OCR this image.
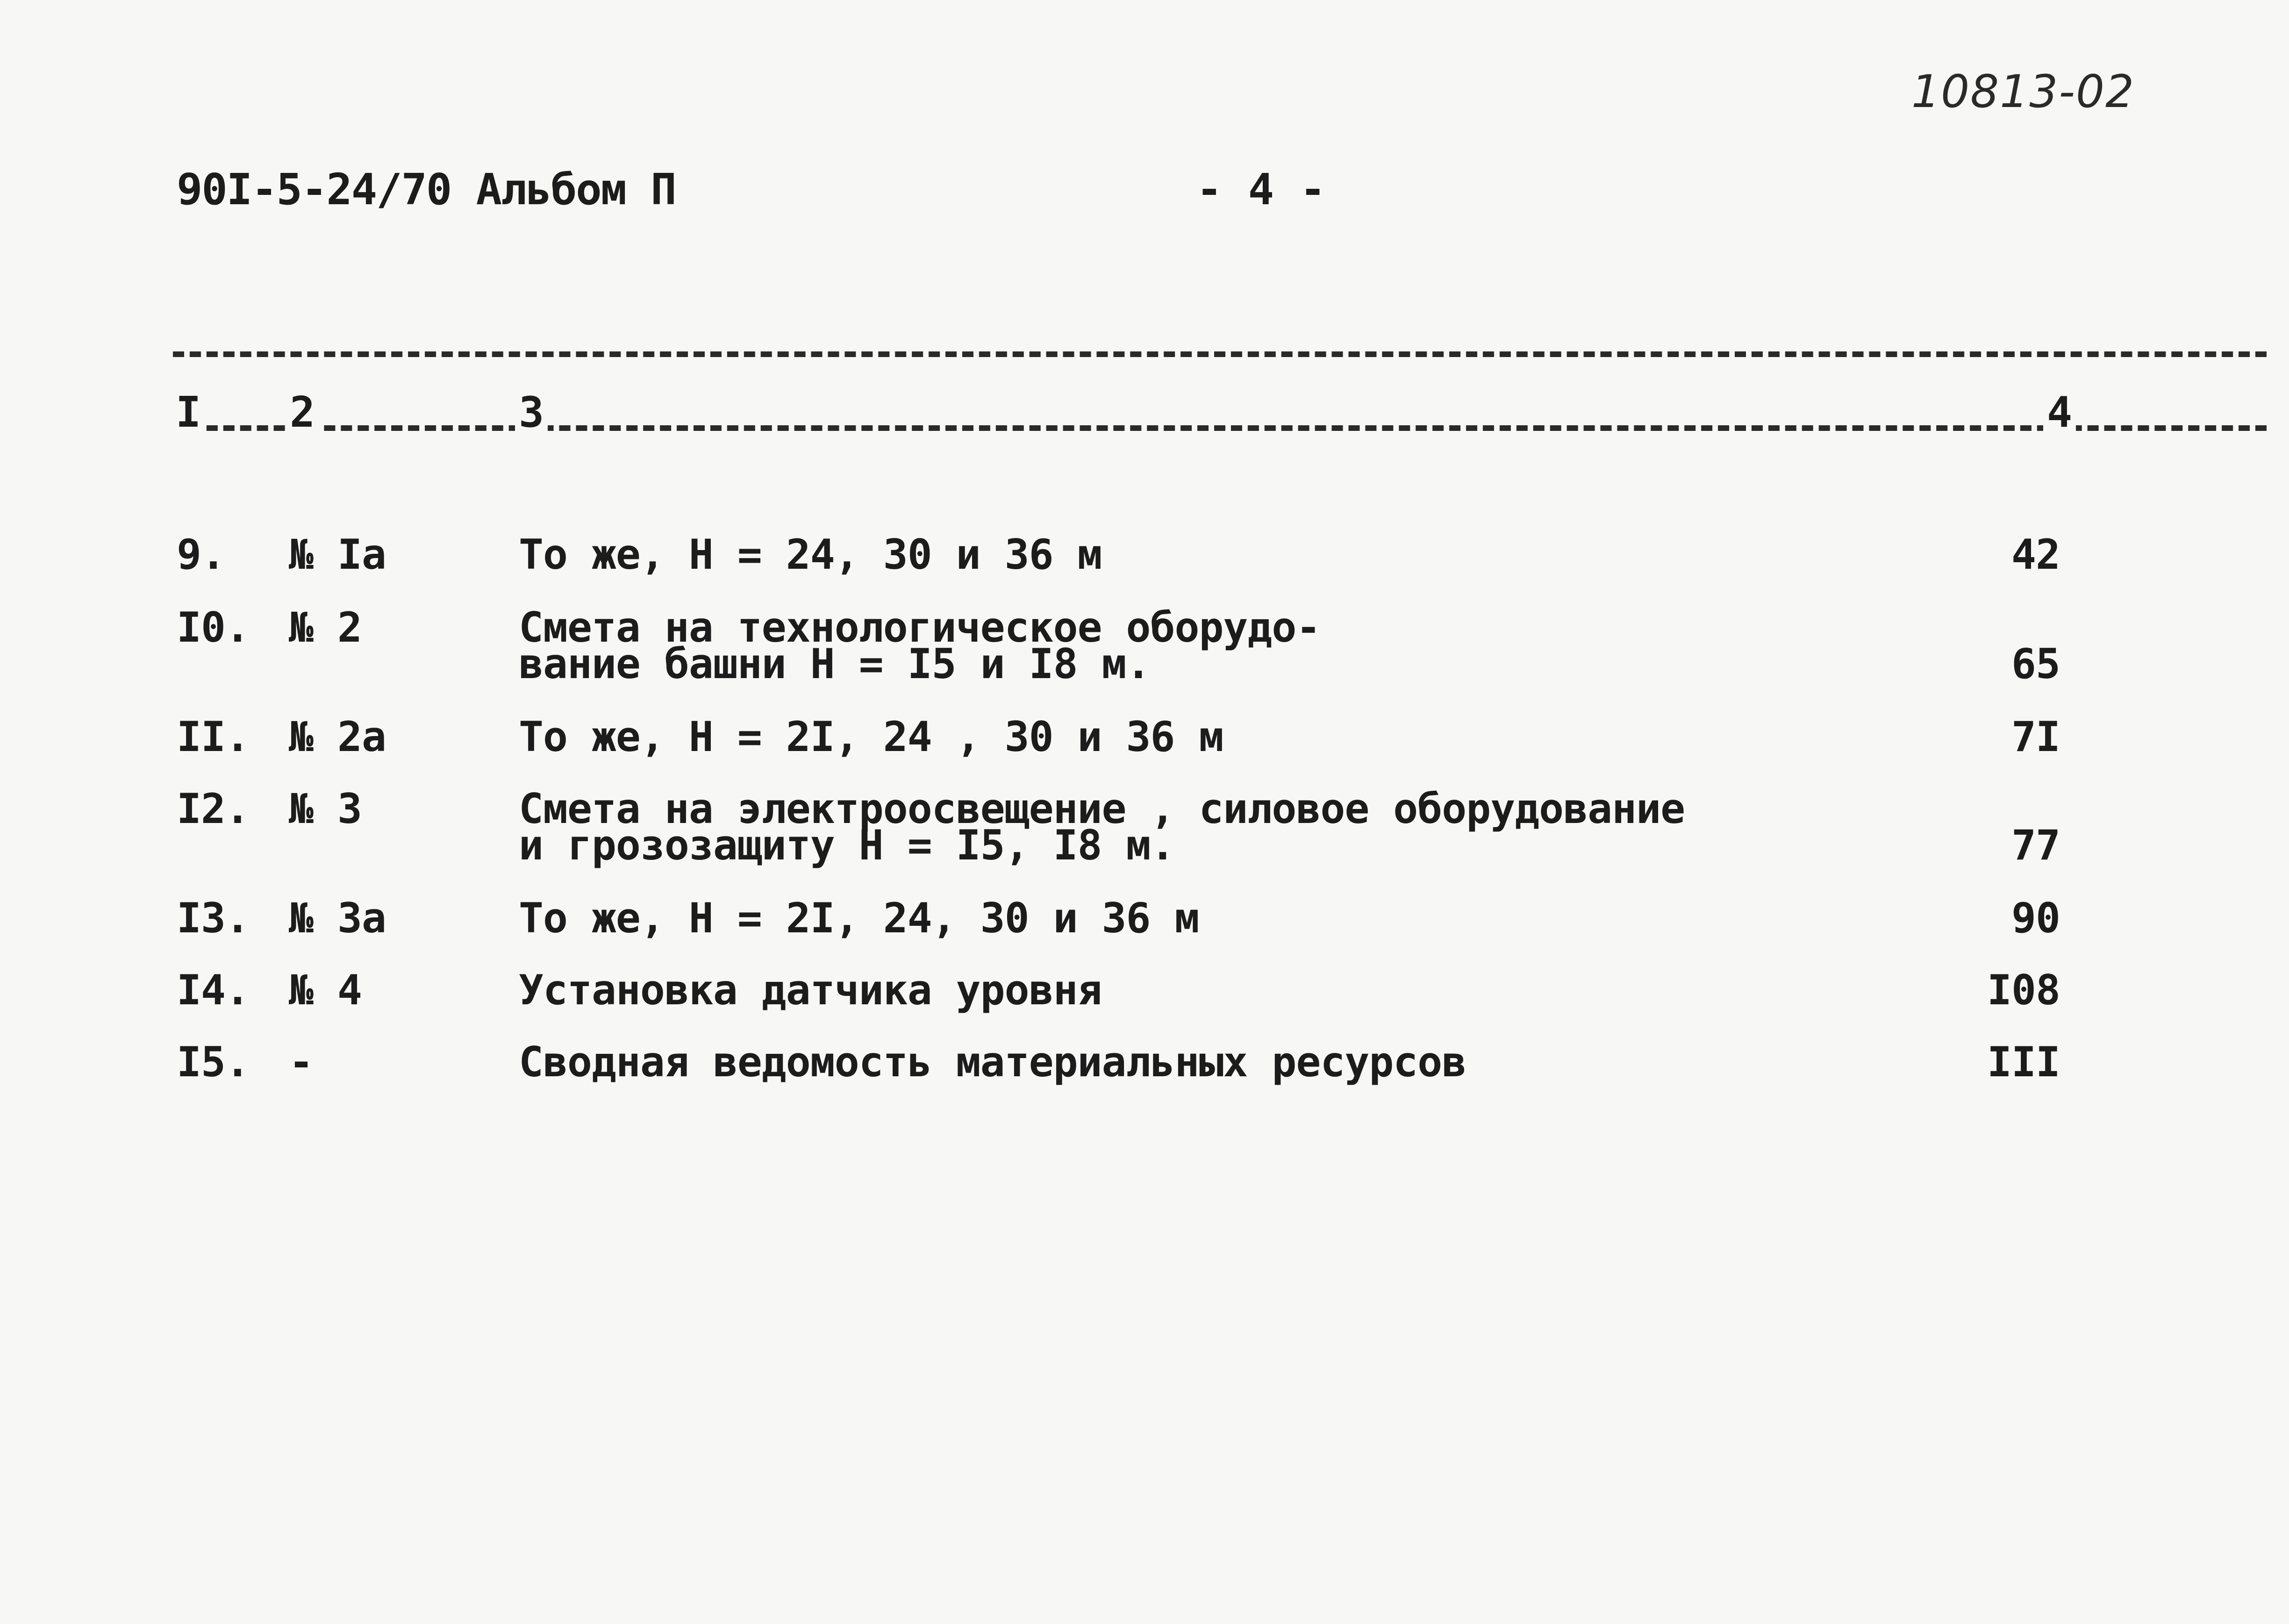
10813-02
90I-5-24/70 Альбом П	- 4 -
I 2	3	4
9. № Iа	То же, Н = 24, 30 и 36 м	42
I0. № 2	Смета на технологическое оборудо-
вание башни Н = I5 и I8 м.	65
II. № 2а	То же, Н = 2I, 24 , 30 и 36 м	7I
I2. № 3	Смета на электроосвещение , силовое оборудование
и грозозащиту Н = I5, I8 м.	77
I3. № 3а	То же, Н = 2I, 24, 30 и 36 м	90
I4. № 4	Установка датчика уровня	I08
I5. -	Сводная ведомость материальных ресурсов	III
